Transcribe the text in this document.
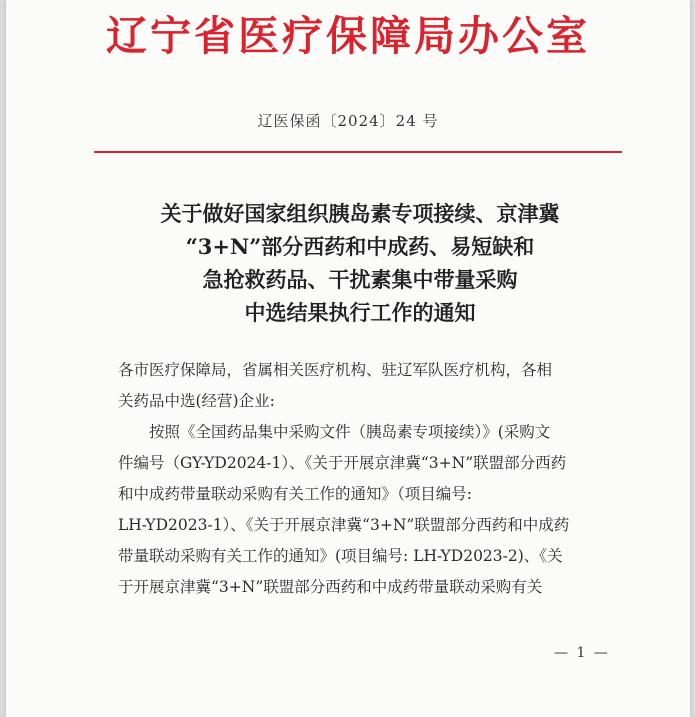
辽宁省医疗保障局办公室
辽医保函〔2024〕24 号
关于做好国家组织胰岛素专项接续、京津冀
“3+N”部分西药和中成药、易短缺和
急抢救药品、干扰素集中带量采购
中选结果执行工作的通知
各市医疗保障局，省属相关医疗机构、驻辽军队医疗机构，各相
关药品中选(经营)企业:
按照《全国药品集中采购文件（胰岛素专项接续）》(采购文
件编号（GY-YD2024-1）、《关于开展京津冀“3+N”联盟部分西药
和中成药带量联动采购有关工作的通知》（项目编号:
LH-YD2023-1）、《关于开展京津冀“3+N”联盟部分西药和中成药
带量联动采购有关工作的通知》(项目编号: LH-YD2023-2)、《关
于开展京津冀“3+N”联盟部分西药和中成药带量联动采购有关
— 1 —
